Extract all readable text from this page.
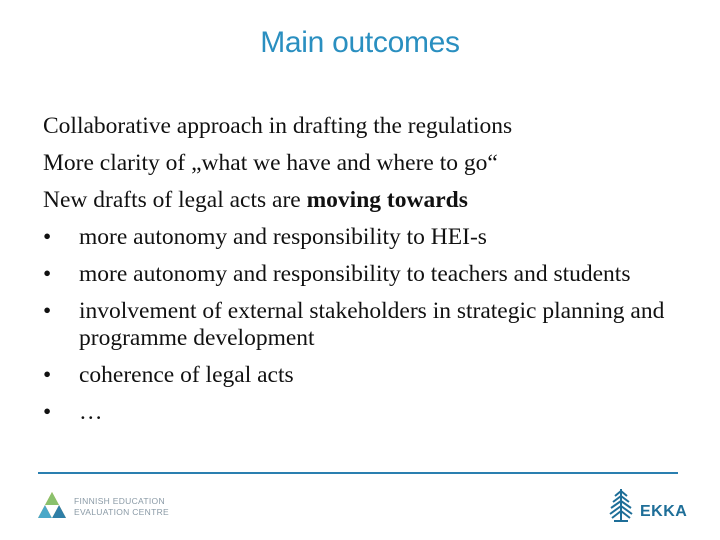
Main outcomes
Collaborative approach in drafting the regulations
More clarity of „what we have and where to go“
New drafts of legal acts are moving towards
• more autonomy and responsibility to HEI-s
• more autonomy and responsibility to teachers and students
• involvement of external stakeholders in strategic planning and programme development
• coherence of legal acts
• …
FINNISH EDUCATION
EVALUATION CENTRE	EKKA
